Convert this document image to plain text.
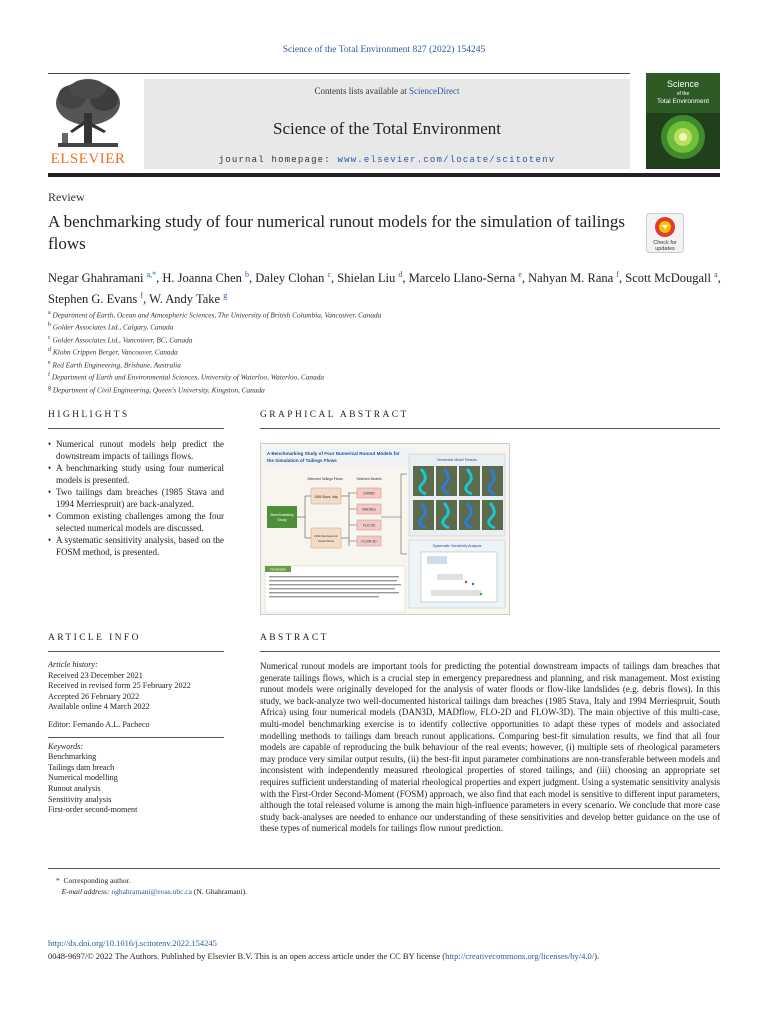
Science of the Total Environment 827 (2022) 154245
ELSEVIER
Contents lists available at ScienceDirect
Science of the Total Environment
journal homepage: www.elsevier.com/locate/scitotenv
Science
of the
Total Environment
Review
A benchmarking study of four numerical runout models for the simulation of tailings flows	Check for
updates
Negar Ghahramani $^{a,*}$, H. Joanna Chen $^b$, Daley Clohan $^c$, Shielan Liu $^d$, Marcelo Llano-Serna $^e$, Nahyan M. Rana $^f$, Scott McDougall $^a$, Stephen G. Evans $^f$, W. Andy Take $^g$
$^a$ Department of Earth, Ocean and Atmospheric Sciences, The University of British Columbia, Vancouver, Canada
$^b$ Golder Associates Ltd., Calgary, Canada
$^c$ Golder Associates Ltd., Vancouver, BC, Canada
$^d$ Klohn Crippen Berger, Vancouver, Canada
$^e$ Red Earth Engineering, Brisbane, Australia
$^f$ Department of Earth and Environmental Sciences, University of Waterloo, Waterloo, Canada
$^g$ Department of Civil Engineering, Queen's University, Kingston, Canada
HIGHLIGHTS
• Numerical runout models help predict the downstream impacts of tailings flows.
• A benchmarking study using four numerical models is presented.
• Two tailings dam breaches (1985 Stava and 1994 Merriespruit) are back-analyzed.
• Common existing challenges among the four selected numerical models are discussed.
• A systematic sensitivity analysis, based on the FOSM method, is presented.
GRAPHICAL ABSTRACT
A Benchmarking Study of Four Numerical Runout Models for
the Simulation of Tailings Flows
Benchmarking
Study
Selected Tailings Flows
1985 Stava, Italy
1994 Merriespruit,
South Africa
Selected Models
DAN3D
MADflow
FLO-2D
FLOW-3D
Numerical Model Results
Systematic Sensitivity Analysis
Conclusion
ARTICLE INFO
Article history:
Received 23 December 2021
Received in revised form 25 February 2022
Accepted 26 February 2022
Available online 4 March 2022
Editor: Fernando A.L. Pacheco
Keywords:
Benchmarking
Tailings dam breach
Numerical modelling
Runout analysis
Sensitivity analysis
First-order second-moment
ABSTRACT

Numerical runout models are important tools for predicting the potential downstream impacts of tailings dam breaches that generate tailings flows, which is a crucial step in emergency preparedness and planning, and risk management. Most existing runout models were originally developed for the analysis of water floods or flow-like landslides (e.g. debris flows). In this study, we back-analyze two well-documented historical tailings dam breaches (1985 Stava, Italy and 1994 Merriespruit, South Africa) using four numerical models (DAN3D, MADflow, FLO-2D and FLOW-3D). The main objective of this multi-case, multi-model benchmarking exercise is to identify collective opportunities to adapt these types of models and associated modelling methods to tailings dam breach runout applications. Comparing best-fit simulation results, we find that all four models are capable of reproducing the bulk behaviour of the real events; however, (i) multiple sets of rheological parameters may produce very similar output results, (ii) the best-fit input parameter combinations are non-transferable between models and inconsistent with independently measured rheological properties of stored tailings, and (iii) choosing an appropriate set requires sufficient understanding of material rheological properties and expert judgment. Using a systematic sensitivity analysis with the First-Order Second-Moment (FOSM) approach, we also find that each model is sensitive to different input parameters, although the total released volume is among the main high-influence parameters in every scenario. We conclude that more case study back-analyses are needed to enhance our understanding of these sensitivities and develop better guidance on the use of these types of numerical models for tailings flow runout prediction.

* Corresponding author.
E-mail address: nghahramani@eoas.ubc.ca (N. Ghahramani).
http://dx.doi.org/10.1016/j.scitotenv.2022.154245
0048-9697/© 2022 The Authors. Published by Elsevier B.V. This is an open access article under the CC BY license (http://creativecommons.org/licenses/by/4.0/).
